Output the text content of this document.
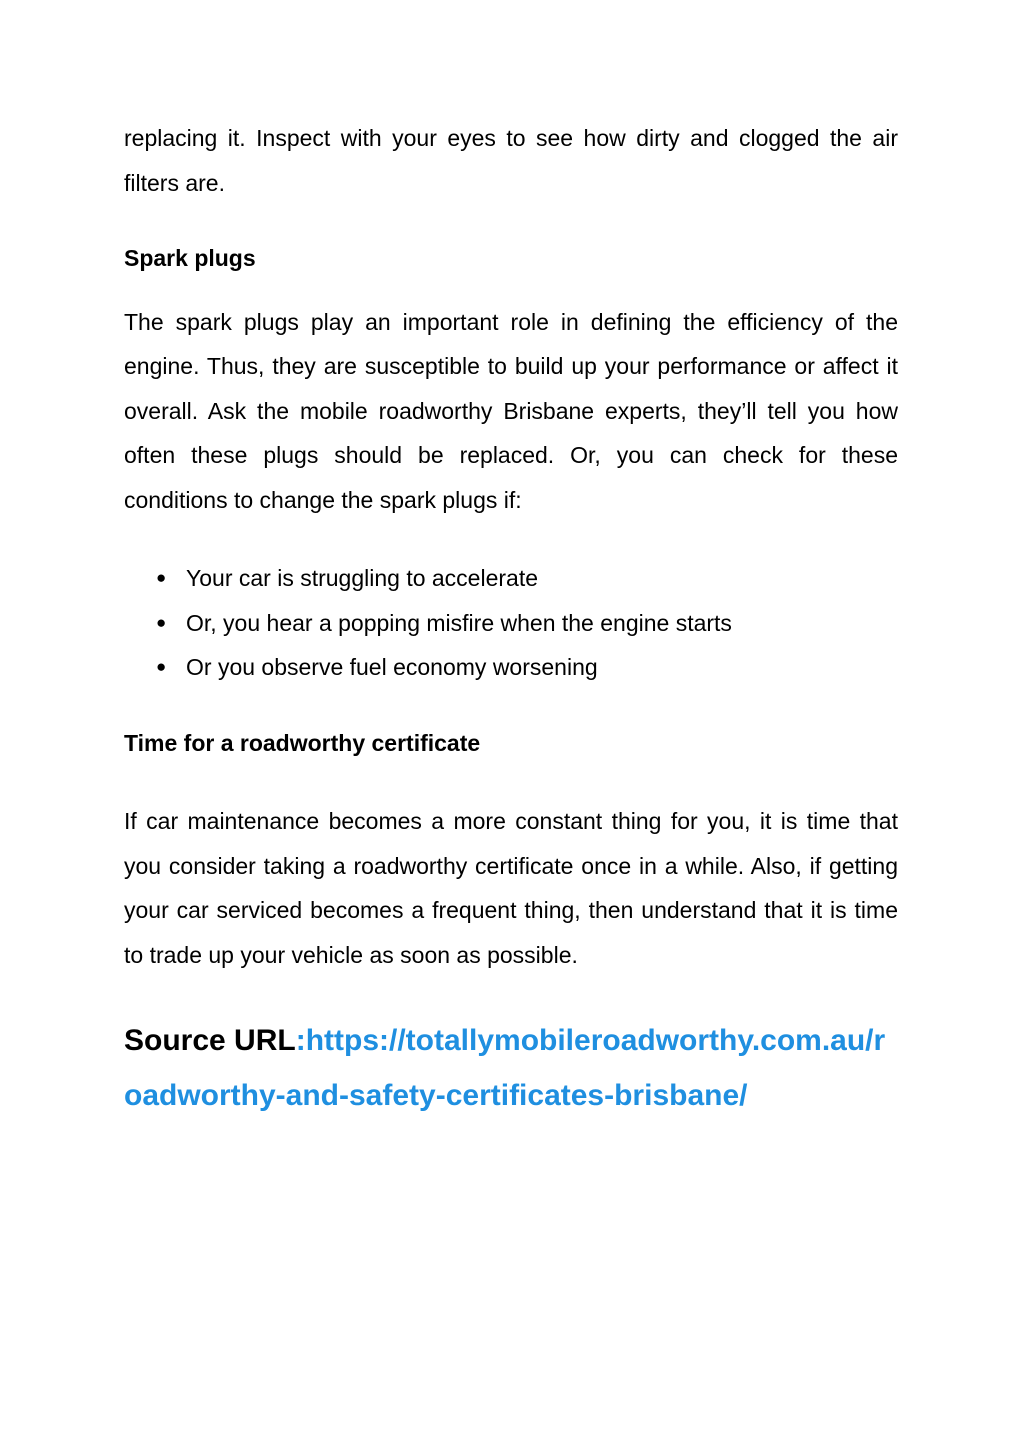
replacing it. Inspect with your eyes to see how dirty and clogged the air filters are.

Spark plugs

The spark plugs play an important role in defining the efficiency of the engine. Thus, they are susceptible to build up your performance or affect it overall. Ask the mobile roadworthy Brisbane experts, they’ll tell you how often these plugs should be replaced. Or, you can check for these conditions to change the spark plugs if:

● Your car is struggling to accelerate
● Or, you hear a popping misfire when the engine starts
● Or you observe fuel economy worsening

Time for a roadworthy certificate

If car maintenance becomes a more constant thing for you, it is time that you consider taking a roadworthy certificate once in a while. Also, if getting your car serviced becomes a frequent thing, then understand that it is time to trade up your vehicle as soon as possible.

Source URL:https://totallymobileroadworthy.com.au/roadworthy-and-safety-certificates-brisbane/
